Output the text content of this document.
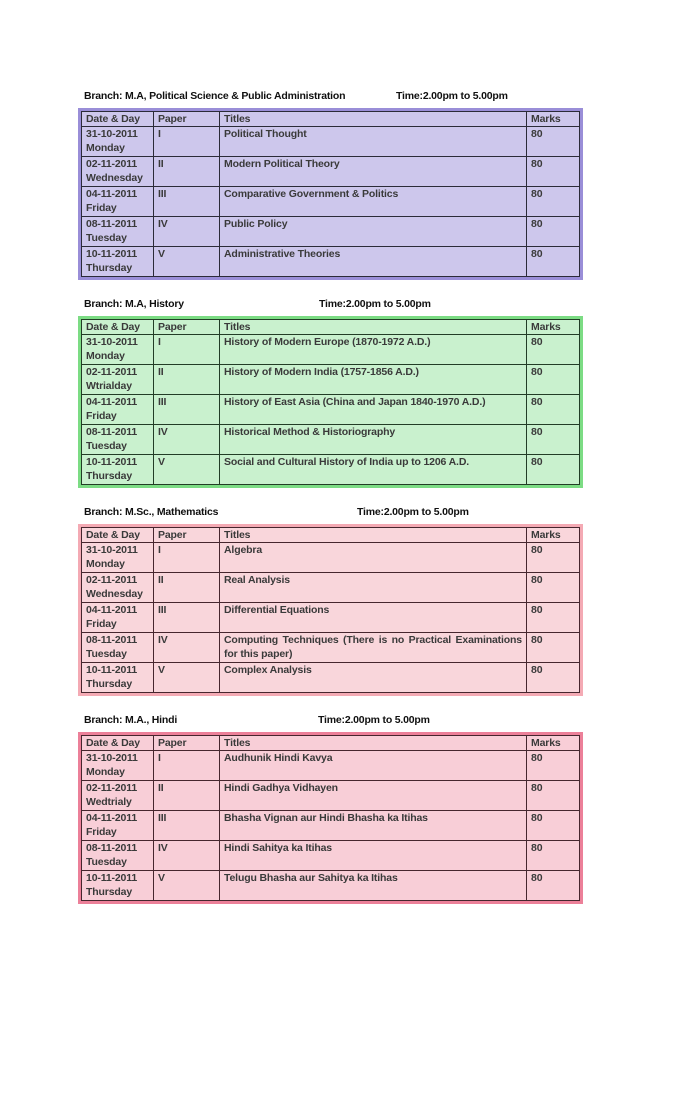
Branch: M.A, Political Science & Public Administration	Time:2.00pm to 5.00pm
Date & Day	Paper	Titles	Marks

31-10-2011
Monday	I	Political Thought	80

02-11-2011
Wednesday	II	Modern Political Theory	80

04-11-2011
Friday	III	Comparative Government & Politics	80

08-11-2011
Tuesday	IV	Public Policy	80

10-11-2011
Thursday	V	Administrative Theories	80
Branch: M.A, History	Time:2.00pm to 5.00pm
Date & Day	Paper	Titles	Marks

31-10-2011
Monday	I	History of Modern Europe (1870-1972 A.D.)	80

02-11-2011
Wtrialday	II	History of Modern India (1757-1856 A.D.)	80

04-11-2011
Friday	III	History of East Asia (China and Japan 1840-1970 A.D.)	80

08-11-2011
Tuesday	IV	Historical Method & Historiography	80

10-11-2011
Thursday	V	Social and Cultural History of India up to 1206 A.D.	80
Branch: M.Sc., Mathematics	Time:2.00pm to 5.00pm
Date & Day	Paper	Titles	Marks

31-10-2011
Monday	I	Algebra	80

02-11-2011
Wednesday	II	Real Analysis	80

04-11-2011
Friday	III	Differential Equations	80

08-11-2011
Tuesday	IV	Computing Techniques (There is no Practical Examinations for this paper)	80

10-11-2011
Thursday	V	Complex Analysis	80
Branch: M.A., Hindi	Time:2.00pm to 5.00pm
Date & Day	Paper	Titles	Marks

31-10-2011
Monday	I	Audhunik Hindi Kavya	80

02-11-2011
Wedtrialy	II	Hindi Gadhya Vidhayen	80

04-11-2011
Friday	III	Bhasha Vignan aur Hindi Bhasha ka Itihas	80

08-11-2011
Tuesday	IV	Hindi Sahitya ka Itihas	80

10-11-2011
Thursday	V	Telugu Bhasha aur Sahitya ka Itihas	80
